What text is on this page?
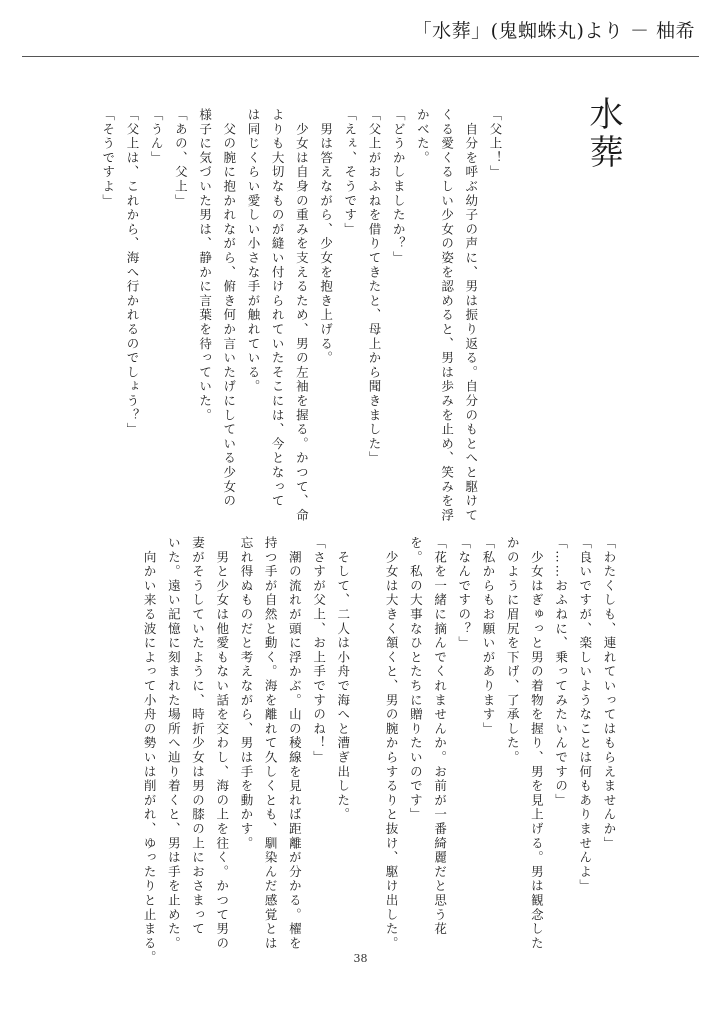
「水葬」(鬼蜘蛛丸)より － 柚希
水葬

「父上！」

　自分を呼ぶ幼子の声に、男は振り返る。自分のもとへと駆けて

くる愛くるしい少女の姿を認めると、男は歩みを止め、笑みを浮

かべた。

「どうかしましたか？」

「父上がおふねを借りてきたと、母上から聞きました」

「えぇ、そうです」

　男は答えながら、少女を抱き上げる。

　少女は自身の重みを支えるため、男の左袖を握る。かつて、命

よりも大切なものが縫い付けられていたそこには、今となって

は同じくらい愛しい小さな手が触れている。

　父の腕に抱かれながら、俯き何か言いたげにしている少女の

様子に気づいた男は、静かに言葉を待っていた。

「あの、父上」

「うん」

「父上は、これから、海へ行かれるのでしょう？」

「そうですよ」

「わたくしも、連れていってはもらえませんか」

「良いですが、楽しいようなことは何もありませんよ」

「……おふねに、乗ってみたいんですの」

　少女はぎゅっと男の着物を握り、男を見上げる。男は観念した

かのように眉尻を下げ、了承した。

「私からもお願いがあります」

「なんですの？」

「花を一緒に摘んでくれませんか。お前が一番綺麗だと思う花

を。私の大事なひとたちに贈りたいのです」

　少女は大きく頷くと、男の腕からするりと抜け、駆け出した。

　そして、二人は小舟で海へと漕ぎ出した。

「さすが父上、お上手ですのね！」

　潮の流れが頭に浮かぶ。山の稜線を見れば距離が分かる。櫂を

持つ手が自然と動く。海を離れて久しくとも、馴染んだ感覚とは

忘れ得ぬものだと考えながら、男は手を動かす。

　男と少女は他愛もない話を交わし、海の上を往く。かつて男の

妻がそうしていたように、時折少女は男の膝の上におさまって

いた。遠い記憶に刻まれた場所へ辿り着くと、男は手を止めた。

　向かい来る波によって小舟の勢いは削がれ、ゆったりと止まる。	38
